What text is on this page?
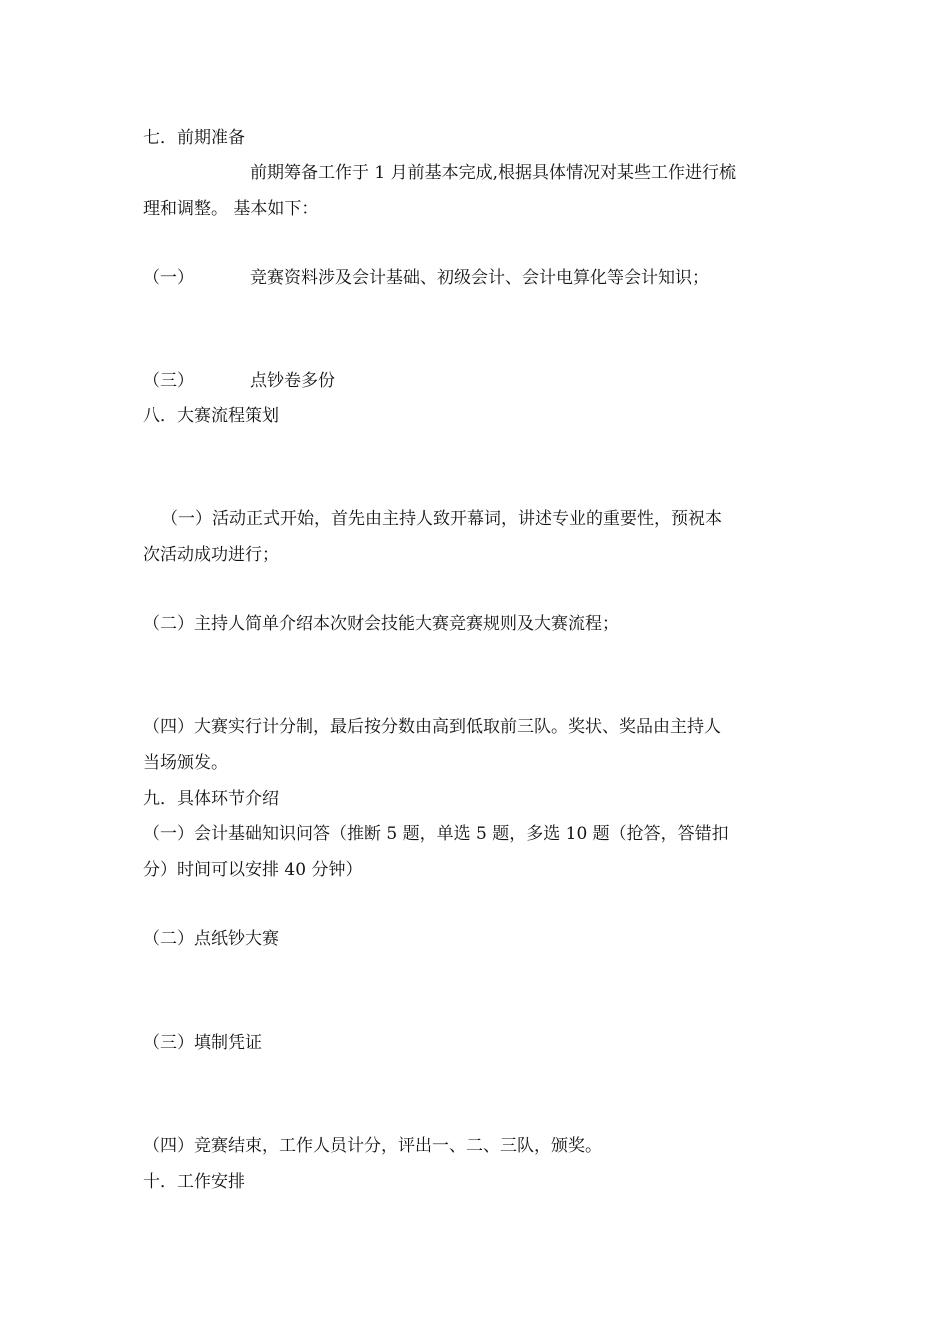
七．前期准备
前期筹备工作于 1 月前基本完成,根据具体情况对某些工作进行梳
理和调整。 基本如下：
（一）	竞赛资料涉及会计基础、初级会计、会计电算化等会计知识；
（三）	点钞卷多份
八．大赛流程策划
（一）活动正式开始，首先由主持人致开幕词，讲述专业的重要性，预祝本
次活动成功进行；
（二）主持人简单介绍本次财会技能大赛竞赛规则及大赛流程；
（四）大赛实行计分制，最后按分数由高到低取前三队。奖状、奖品由主持人
当场颁发。
九．具体环节介绍
（一）会计基础知识问答（推断 5 题，单选 5 题，多选 10 题（抢答，答错扣
分）时间可以安排 40 分钟）
（二）点纸钞大赛
（三）填制凭证
（四）竞赛结束，工作人员计分，评出一、二、三队，颁奖。
十．工作安排
